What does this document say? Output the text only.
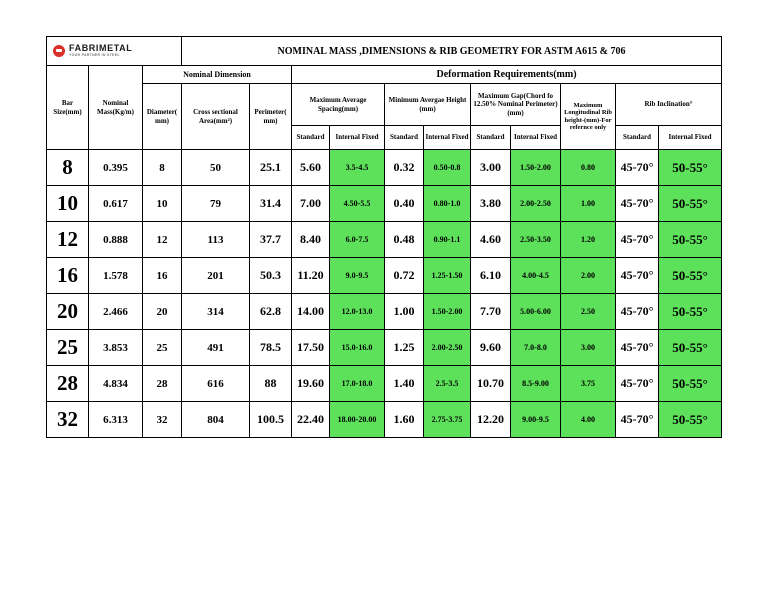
FABRIMETAL
YOUR PARTNER IN STEEL			NOMINAL MASS ,DIMENSIONS & RIB GEOMETRY FOR ASTM A615 & 706										
Bar Size(mm)	Nominal Mass(Kg/m)	Nominal Dimension			Deformation Requirements(mm)								
		Diameter( mm)	Cross sectional Area(mm²)	Perimeter( mm)	Maximum Average Spacing(mm)		Minimum Avergae Height (mm)		Maximum Gap(Chord fo 12.50% Nominal Perimeter) (mm)		Maximum Longitudinal Rib height-(mm)-For refernce only	Rib Inclination°	
					Standard	Internal Fixed	Standard	Internal Fixed	Standard	Internal Fixed		Standard	Internal Fixed
8	0.395	8	50	25.1	5.60	3.5-4.5	0.32	0.50-0.8	3.00	1.50-2.00	0.80	45-70°	50-55°
10	0.617	10	79	31.4	7.00	4.50-5.5	0.40	0.80-1.0	3.80	2.00-2.50	1.00	45-70°	50-55°
12	0.888	12	113	37.7	8.40	6.0-7.5	0.48	0.90-1.1	4.60	2.50-3.50	1.20	45-70°	50-55°
16	1.578	16	201	50.3	11.20	9.0-9.5	0.72	1.25-1.50	6.10	4.00-4.5	2.00	45-70°	50-55°
20	2.466	20	314	62.8	14.00	12.0-13.0	1.00	1.50-2.00	7.70	5.00-6.00	2.50	45-70°	50-55°
25	3.853	25	491	78.5	17.50	15.0-16.0	1.25	2.00-2.50	9.60	7.0-8.0	3.00	45-70°	50-55°
28	4.834	28	616	88	19.60	17.0-18.0	1.40	2.5-3.5	10.70	8.5-9.00	3.75	45-70°	50-55°
32	6.313	32	804	100.5	22.40	18.00-20.00	1.60	2.75-3.75	12.20	9.00-9.5	4.00	45-70°	50-55°
